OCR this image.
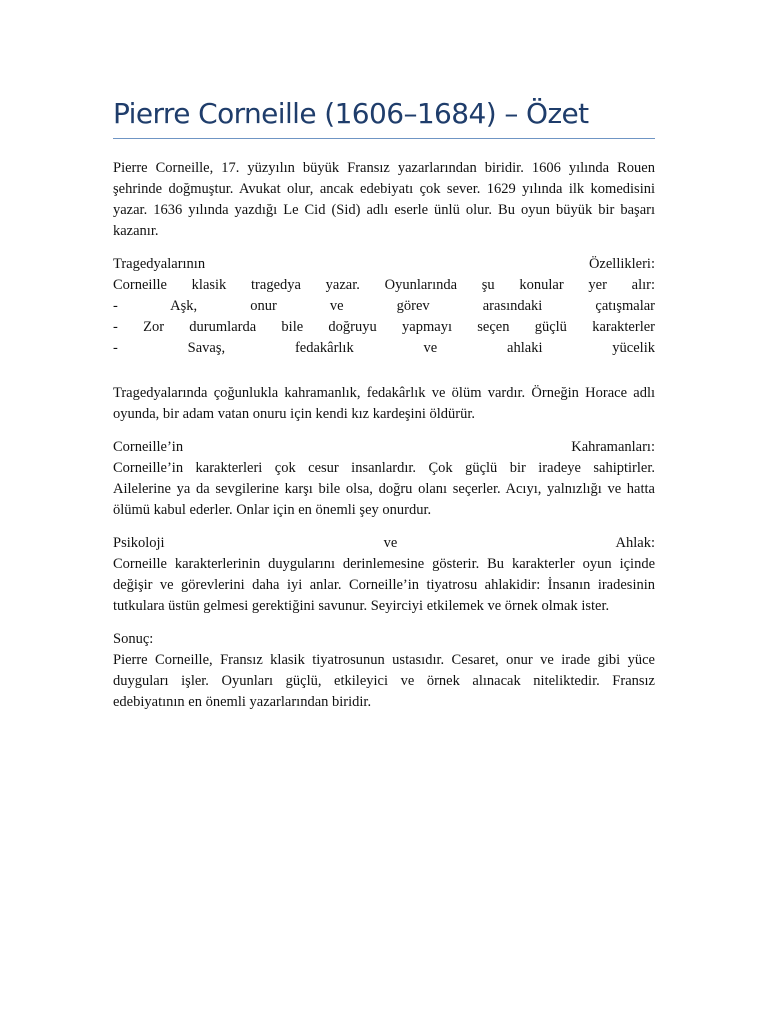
Pierre Corneille (1606–1684) – Özet
Pierre Corneille, 17. yüzyılın büyük Fransız yazarlarından biridir. 1606 yılında Rouen
şehrinde doğmuştur. Avukat olur, ancak edebiyatı çok sever. 1629 yılında ilk komedisini
yazar. 1636 yılında yazdığı Le Cid (Sid) adlı eserle ünlü olur. Bu oyun büyük bir başarı
kazanır.
Tragedyalarının Özellikleri:
Corneille klasik tragedya yazar. Oyunlarında şu konular yer alır:
- Aşk, onur ve görev arasındaki çatışmalar
- Zor durumlarda bile doğruyu yapmayı seçen güçlü karakterler
- Savaş, fedakârlık ve ahlaki yücelik
Tragedyalarında çoğunlukla kahramanlık, fedakârlık ve ölüm vardır. Örneğin Horace adlı
oyunda, bir adam vatan onuru için kendi kız kardeşini öldürür.
Corneille’in Kahramanları:
Corneille’in karakterleri çok cesur insanlardır. Çok güçlü bir iradeye sahiptirler.
Ailelerine ya da sevgilerine karşı bile olsa, doğru olanı seçerler. Acıyı, yalnızlığı ve hatta
ölümü kabul ederler. Onlar için en önemli şey onurdur.
Psikoloji ve Ahlak:
Corneille karakterlerinin duygularını derinlemesine gösterir. Bu karakterler oyun içinde
değişir ve görevlerini daha iyi anlar. Corneille’in tiyatrosu ahlakidir: İnsanın iradesinin
tutkulara üstün gelmesi gerektiğini savunur. Seyirciyi etkilemek ve örnek olmak ister.
Sonuç:
Pierre Corneille, Fransız klasik tiyatrosunun ustasıdır. Cesaret, onur ve irade gibi yüce
duyguları işler. Oyunları güçlü, etkileyici ve örnek alınacak niteliktedir. Fransız
edebiyatının en önemli yazarlarından biridir.
